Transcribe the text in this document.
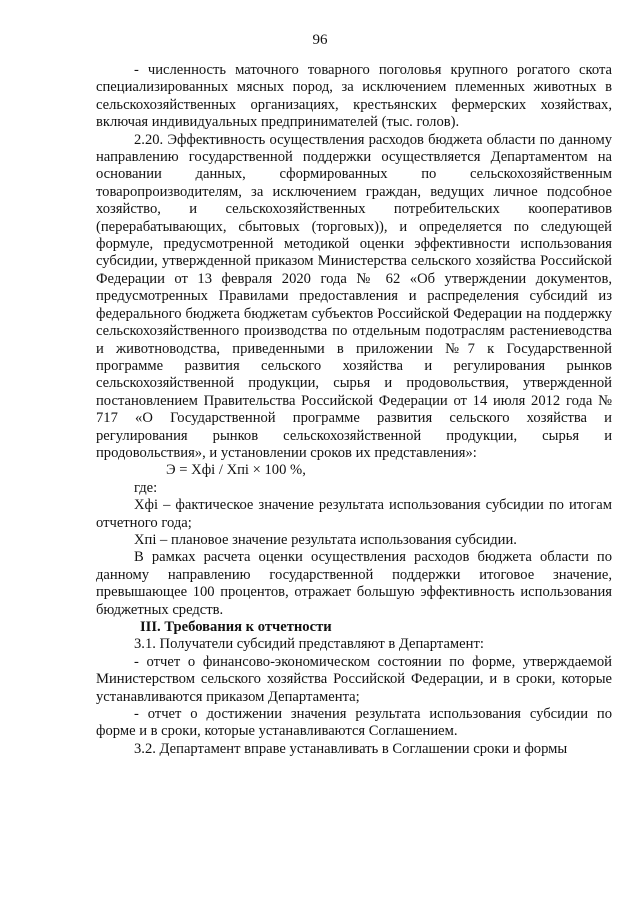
96

- численность маточного товарного поголовья крупного рогатого скота специализированных мясных пород, за исключением племенных животных в сельскохозяйственных организациях, крестьянских фермерских хозяйствах, включая индивидуальных предпринимателей (тыс. голов).

2.20. Эффективность осуществления расходов бюджета области по данному направлению государственной поддержки осуществляется Департаментом на основании данных, сформированных по сельскохозяйственным товаропроизводителям, за исключением граждан, ведущих личное подсобное хозяйство, и сельскохозяйственных потребительских кооперативов (перерабатывающих, сбытовых (торговых)), и определяется по следующей формуле, предусмотренной методикой оценки эффективности использования субсидии, утвержденной приказом Министерства сельского хозяйства Российской Федерации от 13 февраля 2020 года № 62 «Об утверждении документов, предусмотренных Правилами предоставления и распределения субсидий из федерального бюджета бюджетам субъектов Российской Федерации на поддержку сельскохозяйственного производства по отдельным подотраслям растениеводства и животноводства, приведенными в приложении №7 к Государственной программе развития сельского хозяйства и регулирования рынков сельскохозяйственной продукции, сырья и продовольствия, утвержденной постановлением Правительства Российской Федерации от 14 июля 2012 года № 717 «О Государственной программе развития сельского хозяйства и регулирования рынков сельскохозяйственной продукции, сырья и продовольствия», и установлении сроков их представления»:

Э = Хфi / Хпi × 100 %,

где:

Хфi – фактическое значение результата использования субсидии по итогам отчетного года;

Хпi – плановое значение результата использования субсидии.

В рамках расчета оценки осуществления расходов бюджета области по данному направлению государственной поддержки итоговое значение, превышающее 100 процентов, отражает большую эффективность использования бюджетных средств.

III. Требования к отчетности

3.1. Получатели субсидий представляют в Департамент:

- отчет о финансово-экономическом состоянии по форме, утверждаемой Министерством сельского хозяйства Российской Федерации, и в сроки, которые устанавливаются приказом Департамента;

- отчет о достижении значения результата использования субсидии по форме и в сроки, которые устанавливаются Соглашением.

3.2. Департамент вправе устанавливать в Соглашении сроки и формы
